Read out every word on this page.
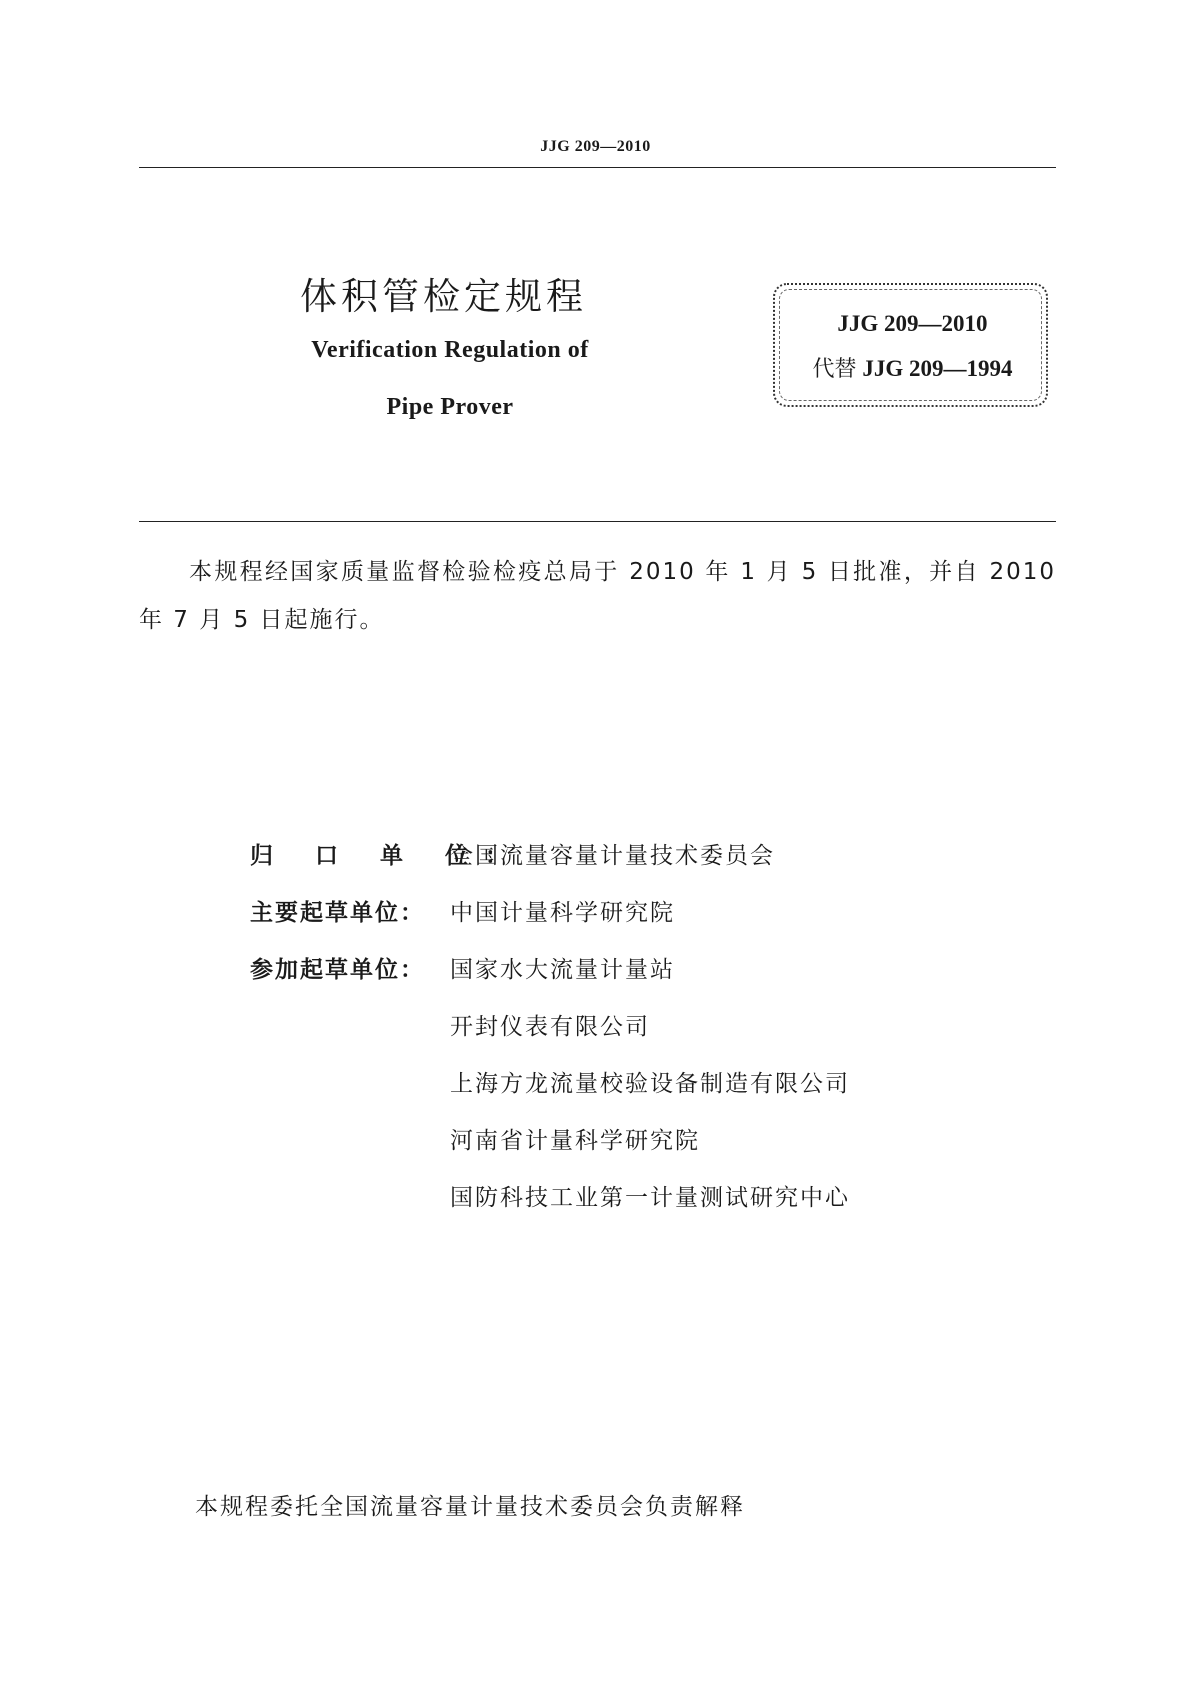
JJG 209—2010
体积管检定规程
Verification Regulation of
Pipe Prover
JJG 209—2010
代替 JJG 209—1994
本规程经国家质量监督检验检疫总局于 2010 年 1 月 5 日批准，并自 2010 年 7 月 5 日起施行。
归 口 单 位：
全国流量容量计量技术委员会
主要起草单位：	中国计量科学研究院
参加起草单位：	国家水大流量计量站
开封仪表有限公司
上海方龙流量校验设备制造有限公司
河南省计量科学研究院
国防科技工业第一计量测试研究中心
本规程委托全国流量容量计量技术委员会负责解释
